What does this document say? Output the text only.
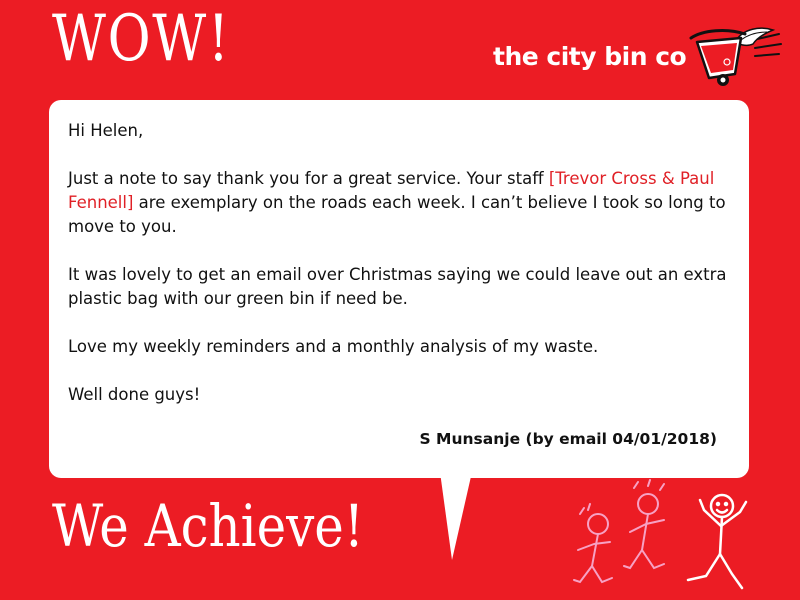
WOW!	the city bin co

Hi Helen,

Just a note to say thank you for a great service. Your staff [Trevor Cross & Paul Fennell] are exemplary on the roads each week. I can’t believe I took so long to move to you.

It was lovely to get an email over Christmas saying we could leave out an extra plastic bag with our green bin if need be.

Love my weekly reminders and a monthly analysis of my waste.

Well done guys!

S Munsanje (by email 04/01/2018)
We Achieve!
